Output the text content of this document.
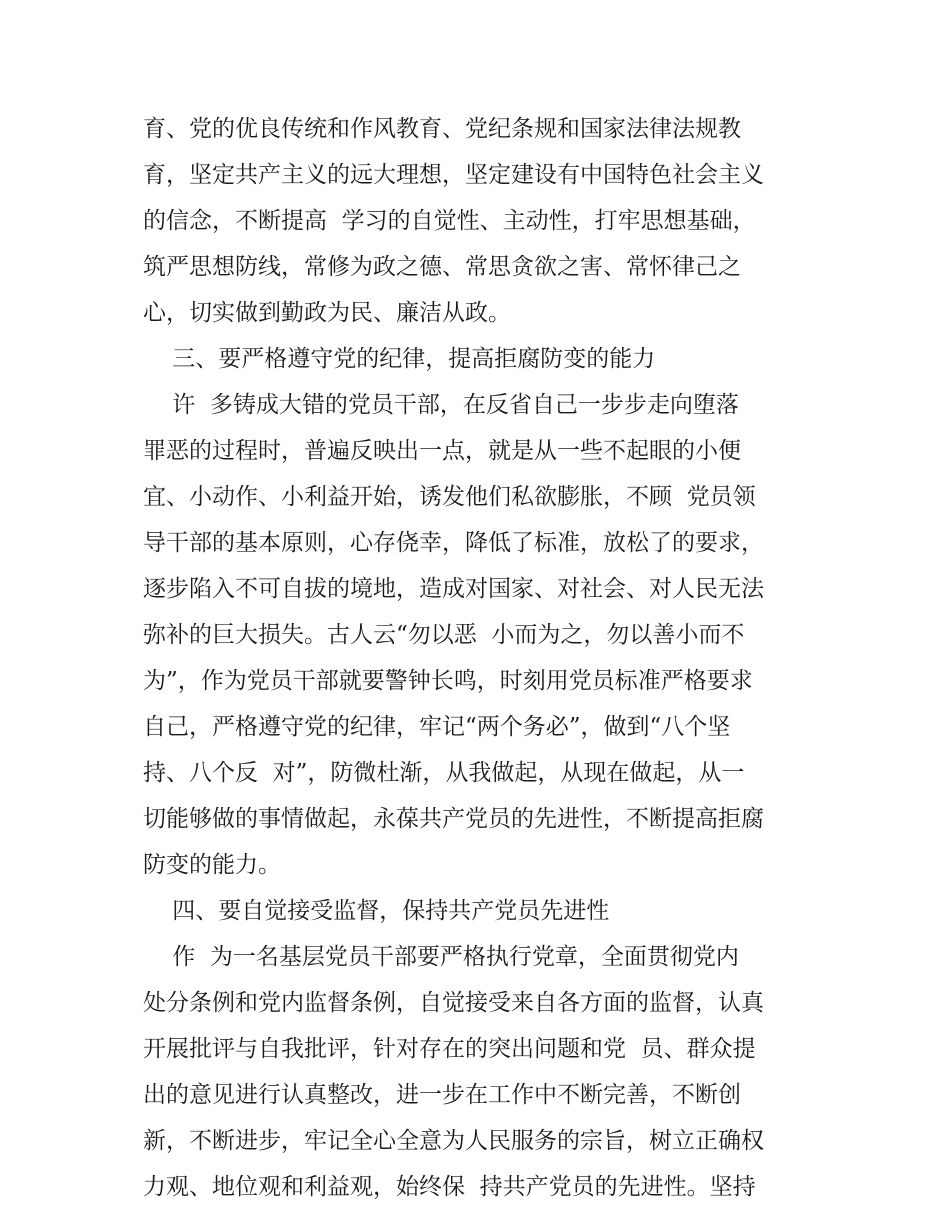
育、党的优良传统和作风教育、党纪条规和国家法律法规教
育，坚定共产主义的远大理想，坚定建设有中国特色社会主义
的信念，不断提高  学习的自觉性、主动性，打牢思想基础，
筑严思想防线，常修为政之德、常思贪欲之害、常怀律己之
心，切实做到勤政为民、廉洁从政。
三、要严格遵守党的纪律，提高拒腐防变的能力
许  多铸成大错的党员干部，在反省自己一步步走向堕落
罪恶的过程时，普遍反映出一点，就是从一些不起眼的小便
宜、小动作、小利益开始，诱发他们私欲膨胀，不顾  党员领
导干部的基本原则，心存侥幸，降低了标准，放松了的要求，
逐步陷入不可自拔的境地，造成对国家、对社会、对人民无法
弥补的巨大损失。古人云“勿以恶  小而为之，勿以善小而不
为”，作为党员干部就要警钟长鸣，时刻用党员标准严格要求
自己，严格遵守党的纪律，牢记“两个务必”，做到“八个坚
持、八个反  对”，防微杜渐，从我做起，从现在做起，从一
切能够做的事情做起，永葆共产党员的先进性，不断提高拒腐
防变的能力。
四、要自觉接受监督，保持共产党员先进性
作  为一名基层党员干部要严格执行党章，全面贯彻党内
处分条例和党内监督条例，自觉接受来自各方面的监督，认真
开展批评与自我批评，针对存在的突出问题和党  员、群众提
出的意见进行认真整改，进一步在工作中不断完善，不断创
新，不断进步，牢记全心全意为人民服务的宗旨，树立正确权
力观、地位观和利益观，始终保  持共产党员的先进性。坚持
